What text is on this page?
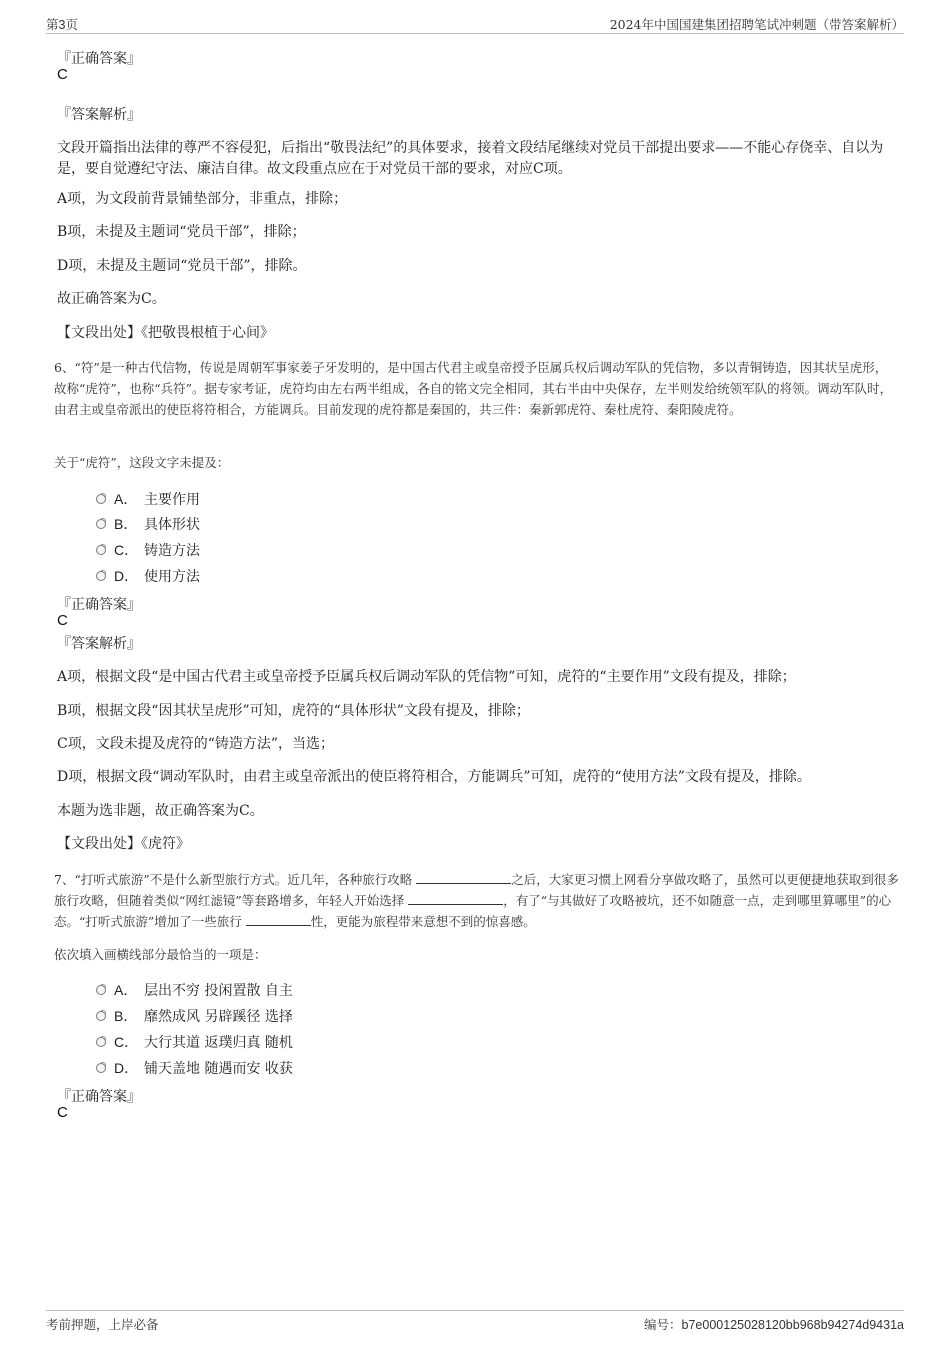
第3页	2024年中国国建集团招聘笔试冲刺题（带答案解析）
『正确答案』
C
『答案解析』
文段开篇指出法律的尊严不容侵犯，后指出“敬畏法纪”的具体要求，接着文段结尾继续对党员干部提出要求——不能心存侥幸、自以为是，要自觉遵纪守法、廉洁自律。故文段重点应在于对党员干部的要求，对应C项。
A项，为文段前背景铺垫部分，非重点，排除；
B项，未提及主题词“党员干部”，排除；
D项，未提及主题词“党员干部”，排除。
故正确答案为C。
【文段出处】《把敬畏根植于心间》
6、“符”是一种古代信物，传说是周朝军事家姜子牙发明的，是中国古代君主或皇帝授予臣属兵权后调动军队的凭信物，多以青铜铸造，因其状呈虎形，故称“虎符”，也称“兵符”。据专家考证，虎符均由左右两半组成，各自的铭文完全相同，其右半由中央保存，左半则发给统领军队的将领。调动军队时，由君主或皇帝派出的使臣将符相合，方能调兵。目前发现的虎符都是秦国的，共三件：秦新郭虎符、秦杜虎符、秦阳陵虎符。
关于“虎符”，这段文字未提及：
A． 主要作用
B． 具体形状
C． 铸造方法
D． 使用方法
『正确答案』
C
『答案解析』
A项，根据文段“是中国古代君主或皇帝授予臣属兵权后调动军队的凭信物”可知，虎符的“主要作用”文段有提及，排除；
B项，根据文段“因其状呈虎形”可知，虎符的“具体形状”文段有提及，排除；
C项，文段未提及虎符的“铸造方法”，当选；
D项，根据文段“调动军队时，由君主或皇帝派出的使臣将符相合，方能调兵”可知，虎符的“使用方法”文段有提及，排除。
本题为选非题，故正确答案为C。
【文段出处】《虎符》
7、“打听式旅游”不是什么新型旅行方式。近几年，各种旅行攻略	之后，大家更习惯上网看分享做攻略了，虽然可以更便捷地获取到很多旅行攻略，但随着类似“网红滤镜”等套路增多，年轻人开始选择	，有了“与其做好了攻略被坑，还不如随意一点，走到哪里算哪里”的心态。“打听式旅游”增加了一些旅行	性，更能为旅程带来意想不到的惊喜感。
依次填入画横线部分最恰当的一项是：
A． 层出不穷 投闲置散 自主
B． 靡然成风 另辟蹊径 选择
C． 大行其道 返璞归真 随机
D． 铺天盖地 随遇而安 收获
『正确答案』
C
考前押题，上岸必备	编号：b7e000125028120bb968b94274d9431a
